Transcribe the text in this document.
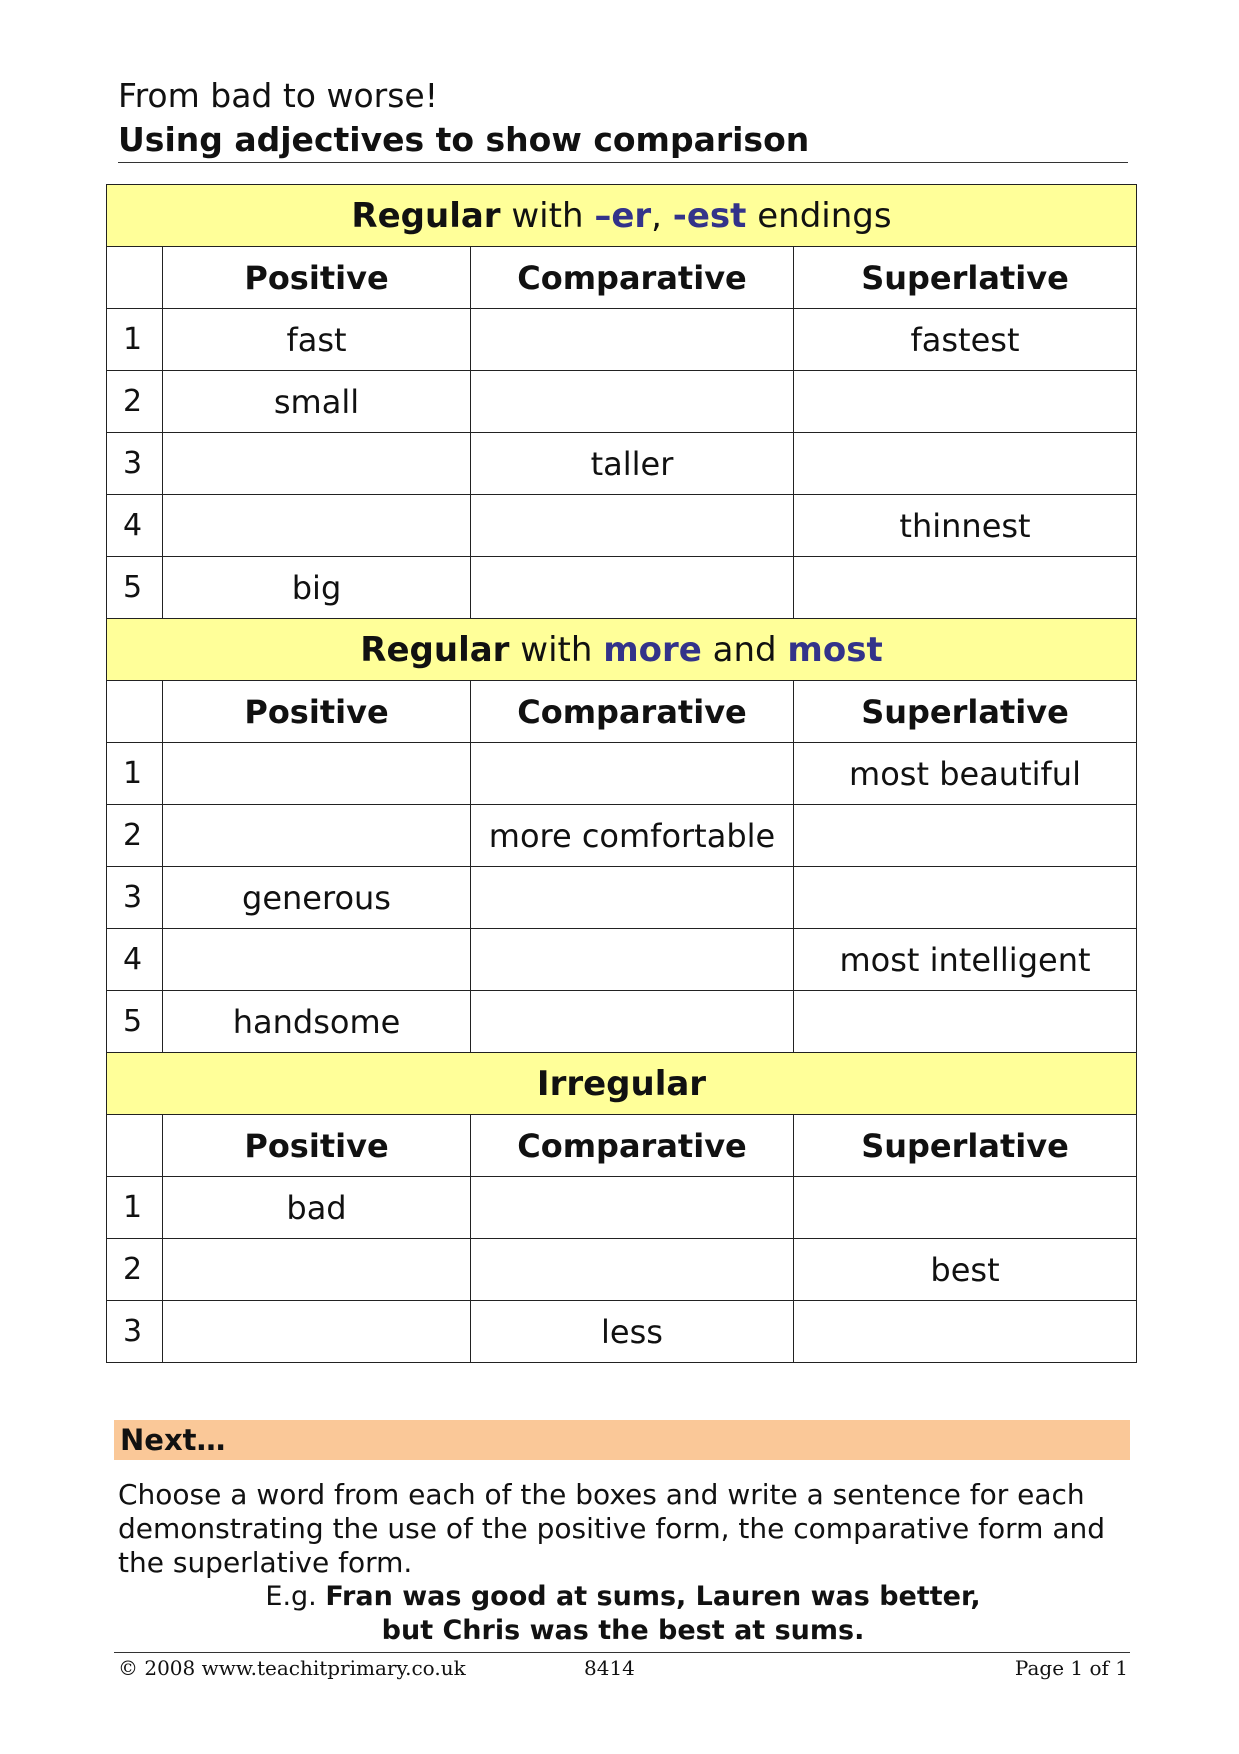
From bad to worse!
Using adjectives to show comparison
Regular with –er, -est endings			
	Positive	Comparative	Superlative
1	fast		fastest
2	small		
3		taller	
4			thinnest
5	big		
Regular with more and most			
	Positive	Comparative	Superlative
1			most beautiful
2		more comfortable	
3	generous		
4			most intelligent
5	handsome		
Irregular			
	Positive	Comparative	Superlative
1	bad		
2			best
3		less	
Next…
Choose a word from each of the boxes and write a sentence for each demonstrating the use of the positive form, the comparative form and the superlative form.
E.g. Fran was good at sums, Lauren was better,
but Chris was the best at sums.
© 2008 www.teachitprimary.co.uk	8414	Page 1 of 1
